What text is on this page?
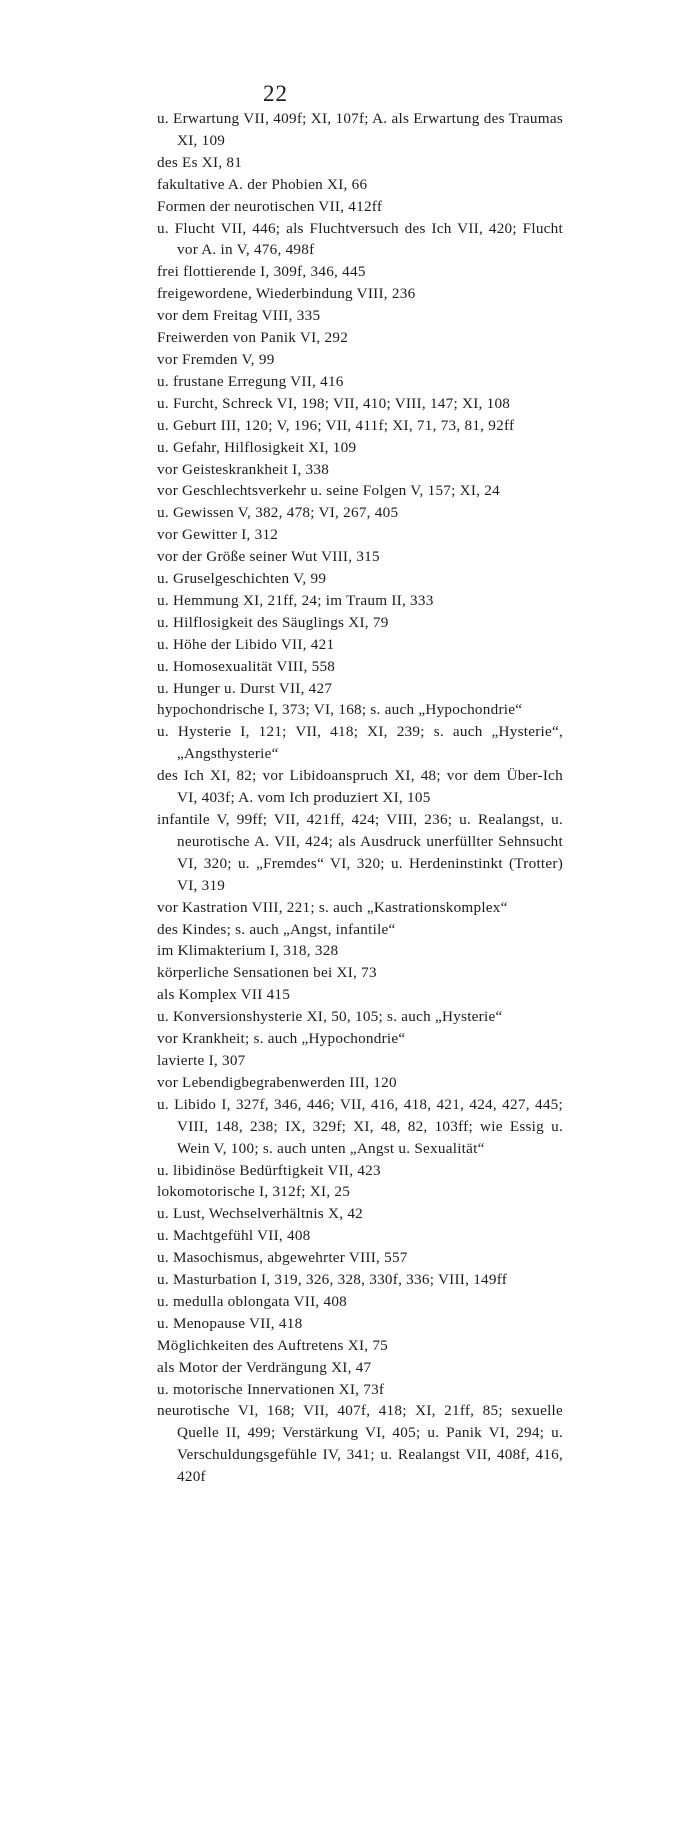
22

u. Erwartung VII, 409f; XI, 107f; A. als Erwartung des Traumas XI, 109

des Es XI, 81

fakultative A. der Phobien XI, 66

Formen der neurotischen VII, 412ff

u. Flucht VII, 446; als Fluchtversuch des Ich VII, 420; Flucht vor A. in V, 476, 498f

frei flottierende I, 309f, 346, 445

freigewordene, Wiederbindung VIII, 236

vor dem Freitag VIII, 335

Freiwerden von Panik VI, 292

vor Fremden V, 99

u. frustane Erregung VII, 416

u. Furcht, Schreck VI, 198; VII, 410; VIII, 147; XI, 108

u. Geburt III, 120; V, 196; VII, 411f; XI, 71, 73, 81, 92ff

u. Gefahr, Hilflosigkeit XI, 109

vor Geisteskrankheit I, 338

vor Geschlechtsverkehr u. seine Folgen V, 157; XI, 24

u. Gewissen V, 382, 478; VI, 267, 405

vor Gewitter I, 312

vor der Größe seiner Wut VIII, 315

u. Gruselgeschichten V, 99

u. Hemmung XI, 21ff, 24; im Traum II, 333

u. Hilflosigkeit des Säuglings XI, 79

u. Höhe der Libido VII, 421

u. Homosexualität VIII, 558

u. Hunger u. Durst VII, 427

hypochondrische I, 373; VI, 168; s. auch „Hypochondrie“

u. Hysterie I, 121; VII, 418; XI, 239; s. auch „Hysterie“, „Angsthysterie“

des Ich XI, 82; vor Libidoanspruch XI, 48; vor dem Über-Ich VI, 403f; A. vom Ich produziert XI, 105

infantile V, 99ff; VII, 421ff, 424; VIII, 236; u. Realangst, u. neurotische A. VII, 424; als Ausdruck unerfüllter Sehnsucht VI, 320; u. „Fremdes“ VI, 320; u. Herdeninstinkt (Trotter) VI, 319

vor Kastration VIII, 221; s. auch „Kastrationskomplex“

des Kindes; s. auch „Angst, infantile“

im Klimakterium I, 318, 328

körperliche Sensationen bei XI, 73

als Komplex VII 415

u. Konversionshysterie XI, 50, 105; s. auch „Hysterie“

vor Krankheit; s. auch „Hypochondrie“

lavierte I, 307

vor Lebendigbegrabenwerden III, 120

u. Libido I, 327f, 346, 446; VII, 416, 418, 421, 424, 427, 445; VIII, 148, 238; IX, 329f; XI, 48, 82, 103ff; wie Essig u. Wein V, 100; s. auch unten „Angst u. Sexualität“

u. libidinöse Bedürftigkeit VII, 423

lokomotorische I, 312f; XI, 25

u. Lust, Wechselverhältnis X, 42

u. Machtgefühl VII, 408

u. Masochismus, abgewehrter VIII, 557

u. Masturbation I, 319, 326, 328, 330f, 336; VIII, 149ff

u. medulla oblongata VII, 408

u. Menopause VII, 418

Möglichkeiten des Auftretens XI, 75

als Motor der Verdrängung XI, 47

u. motorische Innervationen XI, 73f

neurotische VI, 168; VII, 407f, 418; XI, 21ff, 85; sexuelle Quelle II, 499; Verstärkung VI, 405; u. Panik VI, 294; u. Verschuldungsgefühle IV, 341; u. Realangst VII, 408f, 416, 420f
